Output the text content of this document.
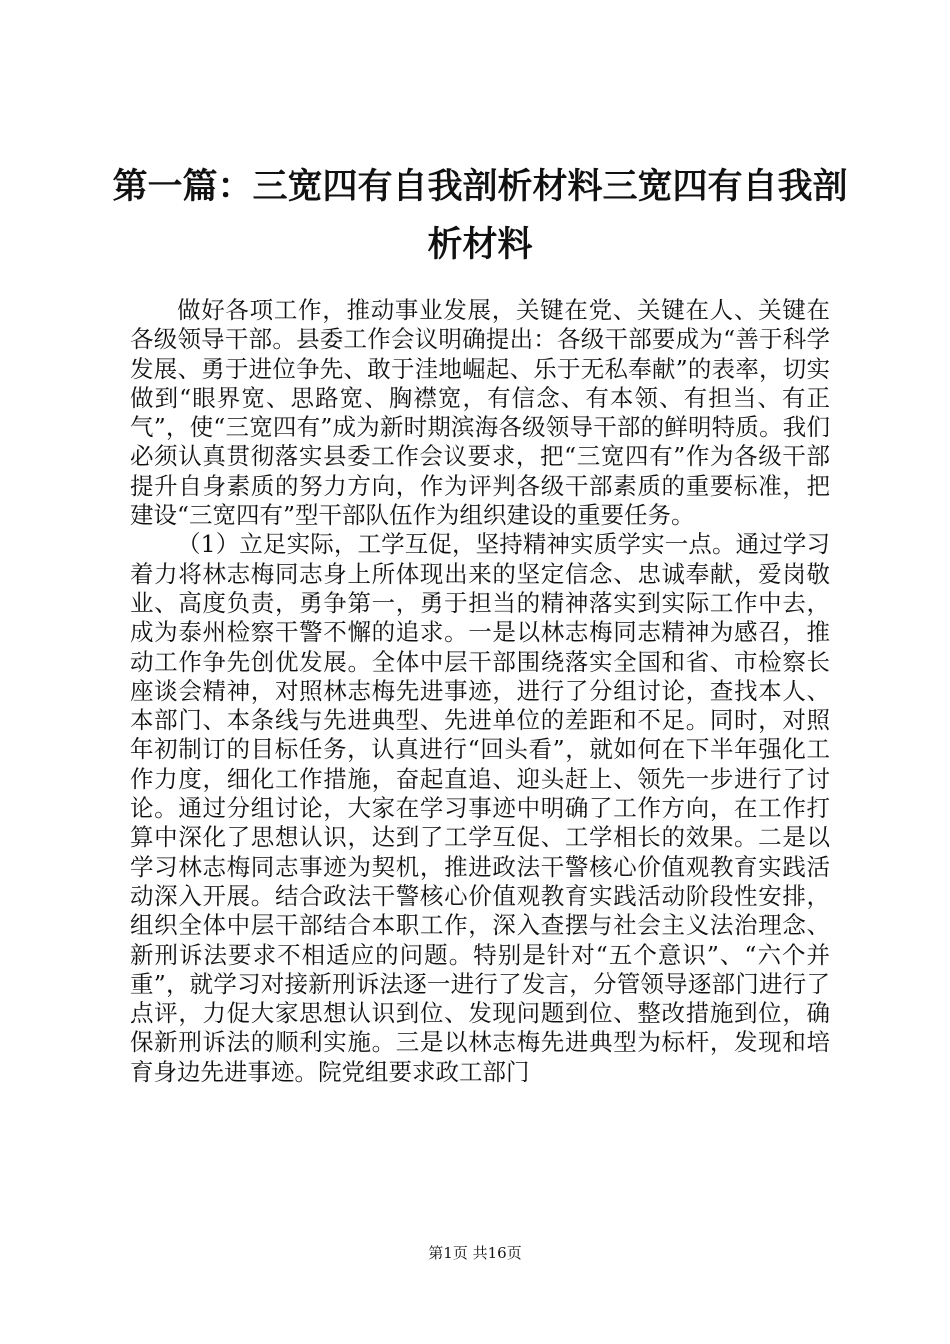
第一篇：三宽四有自我剖析材料三宽四有自我剖析材料

做好各项工作，推动事业发展，关键在党、关键在人、关键在各级领导干部。县委工作会议明确提出：各级干部要成为“善于科学发展、勇于进位争先、敢于洼地崛起、乐于无私奉献”的表率，切实做到“眼界宽、思路宽、胸襟宽，有信念、有本领、有担当、有正气”，使“三宽四有”成为新时期滨海各级领导干部的鲜明特质。我们必须认真贯彻落实县委工作会议要求，把“三宽四有”作为各级干部提升自身素质的努力方向，作为评判各级干部素质的重要标准，把建设“三宽四有”型干部队伍作为组织建设的重要任务。

（1）立足实际，工学互促，坚持精神实质学实一点。通过学习着力将林志梅同志身上所体现出来的坚定信念、忠诚奉献，爱岗敬业、高度负责，勇争第一，勇于担当的精神落实到实际工作中去，成为泰州检察干警不懈的追求。一是以林志梅同志精神为感召，推动工作争先创优发展。全体中层干部围绕落实全国和省、市检察长座谈会精神，对照林志梅先进事迹，进行了分组讨论，查找本人、本部门、本条线与先进典型、先进单位的差距和不足。同时，对照年初制订的目标任务，认真进行“回头看”，就如何在下半年强化工作力度，细化工作措施，奋起直追、迎头赶上、领先一步进行了讨论。通过分组讨论，大家在学习事迹中明确了工作方向，在工作打算中深化了思想认识，达到了工学互促、工学相长的效果。二是以学习林志梅同志事迹为契机，推进政法干警核心价值观教育实践活动深入开展。结合政法干警核心价值观教育实践活动阶段性安排，组织全体中层干部结合本职工作，深入查摆与社会主义法治理念、新刑诉法要求不相适应的问题。特别是针对“五个意识”、“六个并重”，就学习对接新刑诉法逐一进行了发言，分管领导逐部门进行了点评，力促大家思想认识到位、发现问题到位、整改措施到位，确保新刑诉法的顺利实施。三是以林志梅先进典型为标杆，发现和培育身边先进事迹。院党组要求政工部门

第1页 共16页
